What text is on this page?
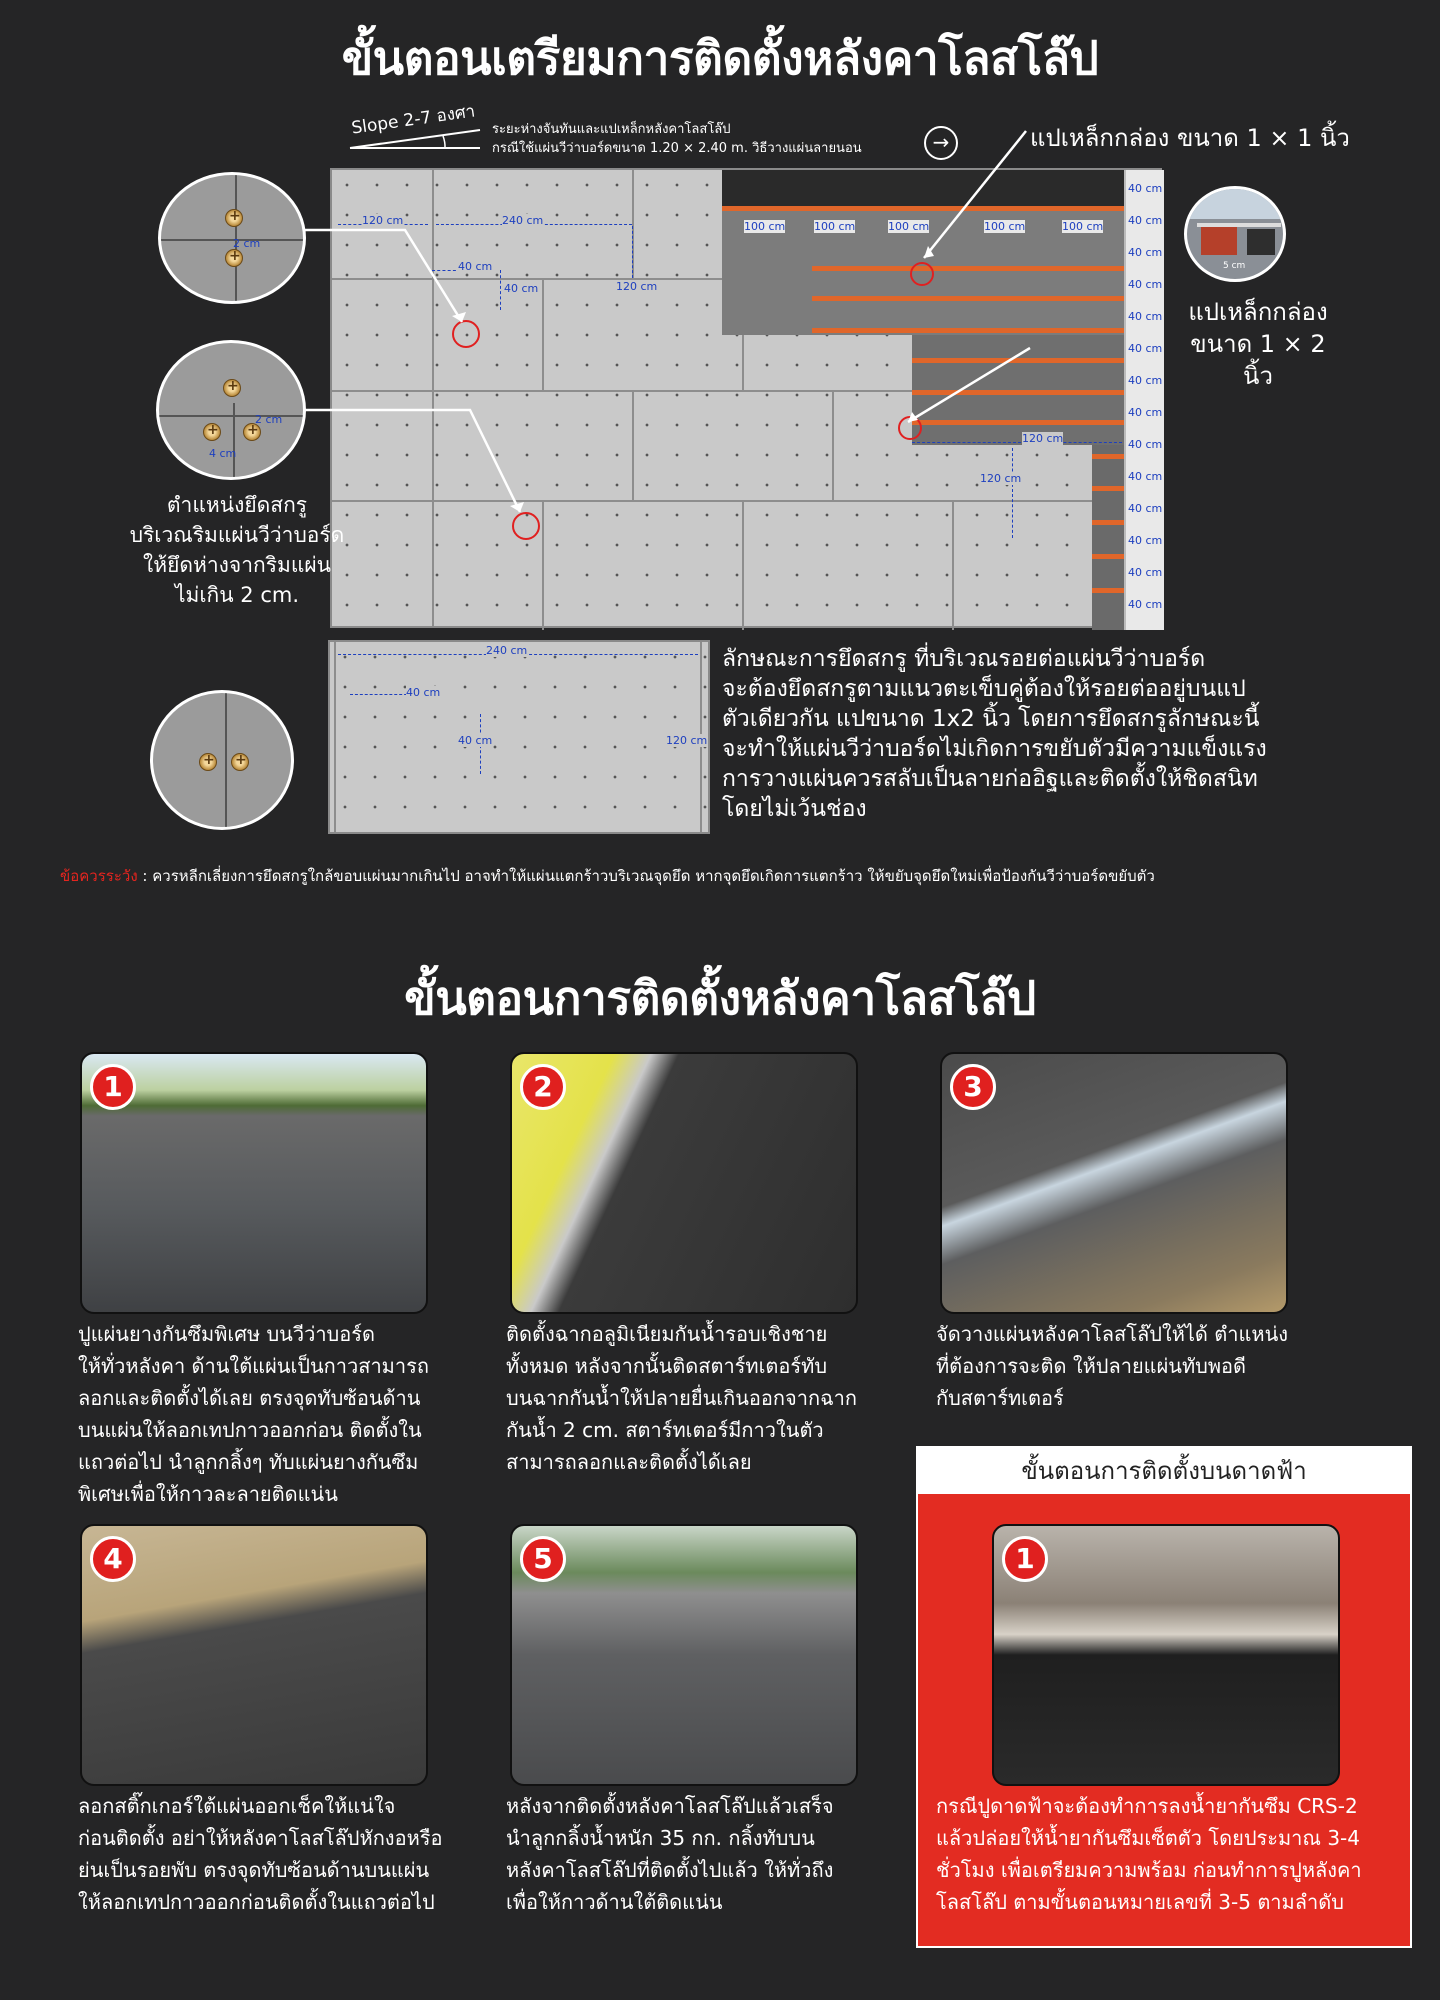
ขั้นตอนเตรียมการติดตั้งหลังคาโลสโล๊ป
Slope 2-7 องศา ระยะห่างจันทันและแปเหล็กหลังคาโลสโล๊ป
กรณีใช้แผ่นวีว่าบอร์ดขนาด 1.20 × 2.40 m. วิธีวางแผ่นลายนอน	→	แปเหล็กกล่อง ขนาด 1 × 1 นิ้ว
40 cm
40 cm
40 cm
40 cm
40 cm
40 cm
40 cm
40 cm
40 cm
40 cm
40 cm
40 cm
40 cm
40 cm
120 cm	240 cm
120 cm
40 cm
40 cm
100 cm	100 cm	100 cm	100 cm	100 cm
120 cm
120 cm
+
+
2 cm
+
+
+
2 cm
4 cm
ตำแหน่งยึดสกรู
บริเวณริมแผ่นวีว่าบอร์ด
ให้ยึดห่างจากริมแผ่น
ไม่เกิน 2 cm.
5 cm
แปเหล็กกล่อง
ขนาด 1 × 2 นิ้ว
240 cm
40 cm
40 cm	120 cm
+
+
ลักษณะการยึดสกรู ที่บริเวณรอยต่อแผ่นวีว่าบอร์ด
จะต้องยึดสกรูตามแนวตะเข็บคู่ต้องให้รอยต่ออยู่บนแป
ตัวเดียวกัน แปขนาด 1x2 นิ้ว โดยการยึดสกรูลักษณะนี้
จะทำให้แผ่นวีว่าบอร์ดไม่เกิดการขยับตัวมีความแข็งแรง
การวางแผ่นควรสลับเป็นลายก่ออิฐและติดตั้งให้ชิดสนิท
โดยไม่เว้นช่อง
ข้อควรระวัง : ควรหลีกเลี่ยงการยึดสกรูใกล้ขอบแผ่นมากเกินไป อาจทำให้แผ่นแตกร้าวบริเวณจุดยึด หากจุดยึดเกิดการแตกร้าว ให้ขยับจุดยึดใหม่เพื่อป้องกันวีว่าบอร์ดขยับตัว
ขั้นตอนการติดตั้งหลังคาโลสโล๊ป
1
ปูแผ่นยางกันซึมพิเศษ บนวีว่าบอร์ด
ให้ทั่วหลังคา ด้านใต้แผ่นเป็นกาวสามารถ
ลอกและติดตั้งได้เลย ตรงจุดทับซ้อนด้าน
บนแผ่นให้ลอกเทปกาวออกก่อน ติดตั้งใน
แถวต่อไป นำลูกกลิ้งๆ ทับแผ่นยางกันซึม
พิเศษเพื่อให้กาวละลายติดแน่น
2
ติดตั้งฉากอลูมิเนียมกันน้ำรอบเชิงชาย
ทั้งหมด หลังจากนั้นติดสตาร์ทเตอร์ทับ
บนฉากกันน้ำให้ปลายยื่นเกินออกจากฉาก
กันน้ำ 2 cm. สตาร์ทเตอร์มีกาวในตัว
สามารถลอกและติดตั้งได้เลย
3
จัดวางแผ่นหลังคาโลสโล๊ปให้ได้ ตำแหน่ง
ที่ต้องการจะติด ให้ปลายแผ่นทับพอดี
กับสตาร์ทเตอร์
4
ลอกสติ๊กเกอร์ใต้แผ่นออกเช็คให้แน่ใจ
ก่อนติดตั้ง อย่าให้หลังคาโลสโล๊ปหักงอหรือ
ย่นเป็นรอยพับ ตรงจุดทับซ้อนด้านบนแผ่น
ให้ลอกเทปกาวออกก่อนติดตั้งในแถวต่อไป
5
หลังจากติดตั้งหลังคาโลสโล๊ปแล้วเสร็จ
นำลูกกลิ้งน้ำหนัก 35 กก. กลิ้งทับบน
หลังคาโลสโล๊ปที่ติดตั้งไปแล้ว ให้ทั่วถึง
เพื่อให้กาวด้านใต้ติดแน่น
ขั้นตอนการติดตั้งบนดาดฟ้า
1
กรณีปูดาดฟ้าจะต้องทำการลงน้ำยากันซึม CRS-2
แล้วปล่อยให้น้ำยากันซึมเซ็ตตัว โดยประมาณ 3-4
ชั่วโมง เพื่อเตรียมความพร้อม ก่อนทำการปูหลังคา
โลสโล๊ป ตามขั้นตอนหมายเลขที่ 3-5 ตามลำดับ
